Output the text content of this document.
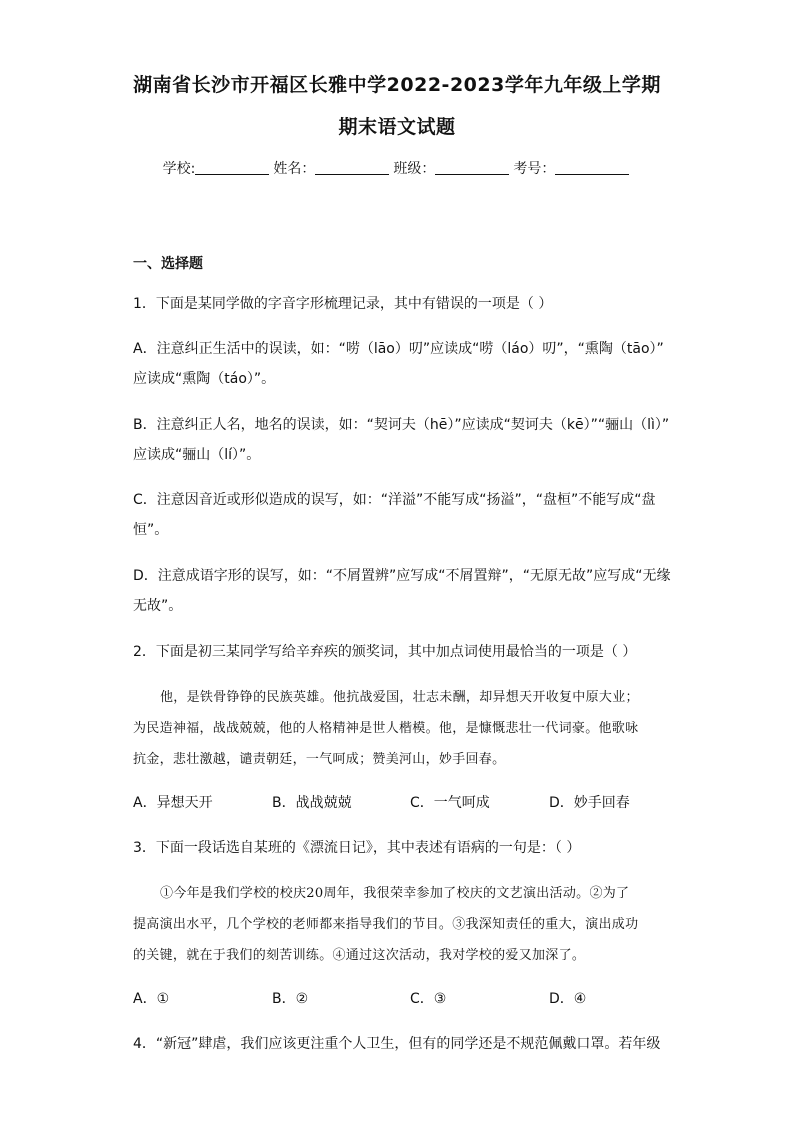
湖南省长沙市开福区长雅中学2022-2023学年九年级上学期
期末语文试题
学校:	姓名：	班级：	考号：
一、选择题
1．下面是某同学做的字音字形梳理记录，其中有错误的一项是（ ）
A．注意纠正生活中的误读，如：“唠（lāo）叨”应读成“唠（láo）叨”，“熏陶（tāo）”
应读成“熏陶（táo）”。
B．注意纠正人名，地名的误读，如：“契诃夫（hē）”应读成“契诃夫（kē）”“骊山（lì）”
应读成“骊山（lí）”。
C．注意因音近或形似造成的误写，如：“洋溢”不能写成“扬溢”，“盘桓”不能写成“盘
恒”。
D．注意成语字形的误写，如：“不屑置辨”应写成“不屑置辩”，“无原无故”应写成“无缘
无故”。
2．下面是初三某同学写给辛弃疾的颁奖词，其中加点词使用最恰当的一项是（ ）
他，是铁骨铮铮的民族英雄。他抗战爱国，壮志未酬，却异想天开收复中原大业；
为民造神福，战战兢兢，他的人格精神是世人楷模。他，是慷慨悲壮一代词豪。他歌咏
抗金，悲壮激越，谴责朝廷，一气呵成；赞美河山，妙手回春。
A．异想天开	B．战战兢兢	C．一气呵成	D．妙手回春
3．下面一段话选自某班的《漂流日记》，其中表述有语病的一句是：（ ）
①今年是我们学校的校庆20周年，我很荣幸参加了校庆的文艺演出活动。②为了
提高演出水平，几个学校的老师都来指导我们的节目。③我深知责任的重大，演出成功
的关键，就在于我们的刻苦训练。④通过这次活动，我对学校的爱又加深了。
A．①	B．②	C．③	D．④
4．“新冠”肆虐，我们应该更注重个人卫生，但有的同学还是不规范佩戴口罩。若年级
